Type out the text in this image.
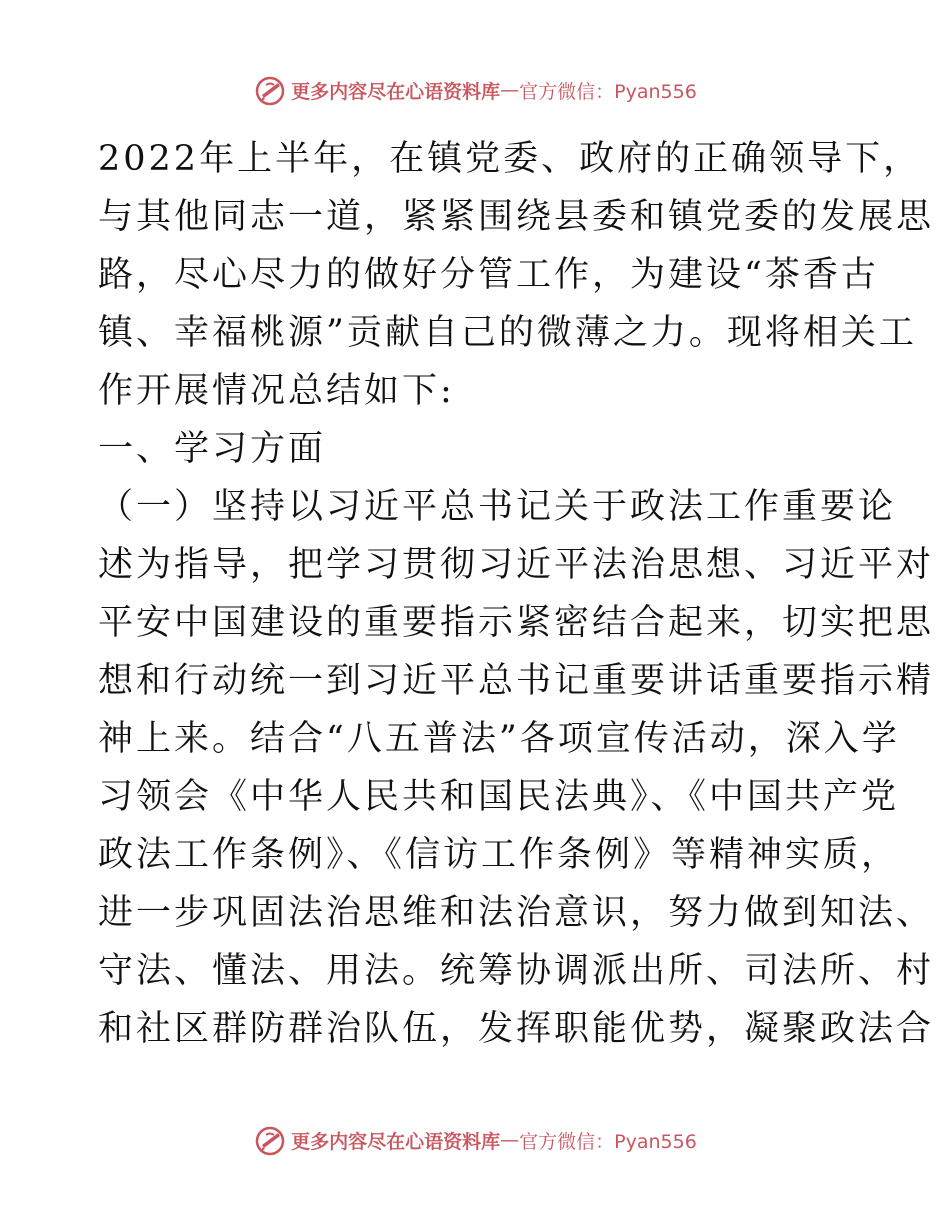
更多内容尽在心语资料库 — 官方微信：Pyan556
2022年上半年，在镇党委、政府的正确领导下，
与其他同志一道，紧紧围绕县委和镇党委的发展思
路，尽心尽力的做好分管工作，为建设“茶香古
镇、幸福桃源”贡献自己的微薄之力。现将相关工
作开展情况总结如下:
一、学习方面
（一）坚持以习近平总书记关于政法工作重要论
述为指导，把学习贯彻习近平法治思想、习近平对
平安中国建设的重要指示紧密结合起来，切实把思
想和行动统一到习近平总书记重要讲话重要指示精
神上来。结合“八五普法”各项宣传活动，深入学
习领会《中华人民共和国民法典》、《中国共产党
政法工作条例》、《信访工作条例》等精神实质，
进一步巩固法治思维和法治意识，努力做到知法、
守法、懂法、用法。统筹协调派出所、司法所、村
和社区群防群治队伍，发挥职能优势，凝聚政法合
更多内容尽在心语资料库 — 官方微信：Pyan556
